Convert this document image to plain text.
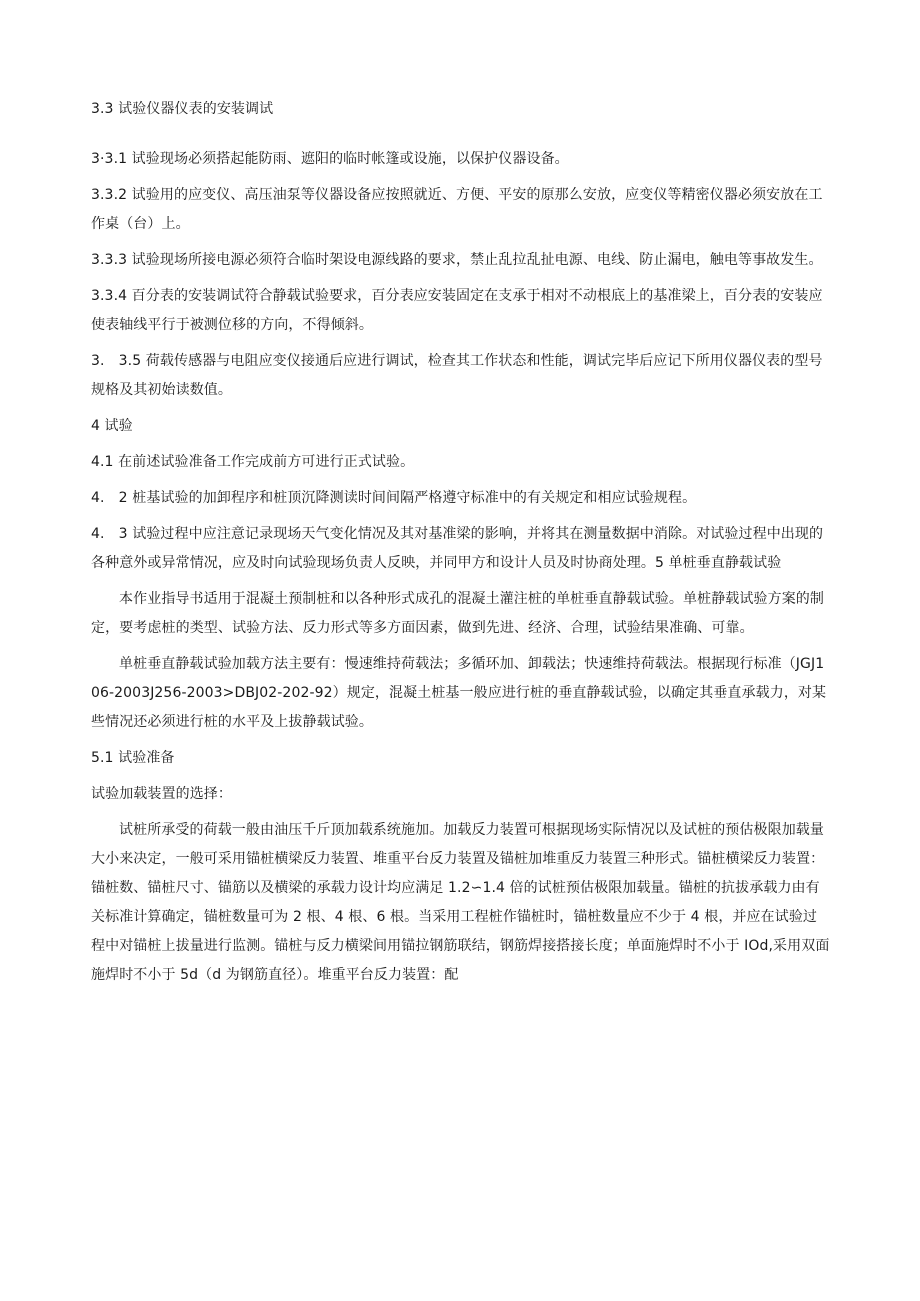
3.3 试验仪器仪表的安装调试

3·3.1 试验现场必须搭起能防雨、遮阳的临时帐篷或设施，以保护仪器设备。

3.3.2 试验用的应变仪、高压油泵等仪器设备应按照就近、方便、平安的原那么安放，应变仪等精密仪器必须安放在工作桌（台）上。

3.3.3 试验现场所接电源必须符合临时架设电源线路的要求，禁止乱拉乱扯电源、电线、防止漏电，触电等事故发生。

3.3.4 百分表的安装调试符合静载试验要求，百分表应安装固定在支承于相对不动根底上的基准梁上，百分表的安装应使表轴线平行于被测位移的方向，不得倾斜。

3.　3.5 荷载传感器与电阻应变仪接通后应进行调试，检查其工作状态和性能，调试完毕后应记下所用仪器仪表的型号规格及其初始读数值。

4 试验

4.1 在前述试验准备工作完成前方可进行正式试验。

4.　2 桩基试验的加卸程序和桩顶沉降测读时间间隔严格遵守标准中的有关规定和相应试验规程。

4.　3 试验过程中应注意记录现场天气变化情况及其对基准梁的影响，并将其在测量数据中消除。对试验过程中出现的各种意外或异常情况，应及时向试验现场负责人反映，并同甲方和设计人员及时协商处理。5 单桩垂直静载试验

本作业指导书适用于混凝土预制桩和以各种形式成孔的混凝土灌注桩的单桩垂直静载试验。单桩静载试验方案的制定，要考虑桩的类型、试验方法、反力形式等多方面因素，做到先进、经济、合理，试验结果准确、可靠。

单桩垂直静载试验加载方法主要有：慢速维持荷载法；多循环加、卸载法；快速维持荷载法。根据现行标准（JGJ106-2003J256-2003>DBJ02-202-92）规定，混凝土桩基一般应进行桩的垂直静载试验，以确定其垂直承载力，对某些情况还必须进行桩的水平及上拔静载试验。

5.1 试验准备

试验加载装置的选择：

试桩所承受的荷载一般由油压千斤顶加载系统施加。加载反力装置可根据现场实际情况以及试桩的预估极限加载量大小来决定，一般可采用锚桩横梁反力装置、堆重平台反力装置及锚桩加堆重反力装置三种形式。锚桩横梁反力装置：锚桩数、锚桩尺寸、锚筋以及横梁的承载力设计均应满足 1.2∽1.4 倍的试桩预估极限加载量。锚桩的抗拔承载力由有关标准计算确定，锚桩数量可为 2 根、4 根、6 根。当采用工程桩作锚桩时，锚桩数量应不少于 4 根，并应在试验过程中对锚桩上拔量进行监测。锚桩与反力横梁间用锚拉钢筋联结，钢筋焊接搭接长度；单面施焊时不小于 IOd,采用双面施焊时不小于 5d（d 为钢筋直径）。堆重平台反力装置：配
